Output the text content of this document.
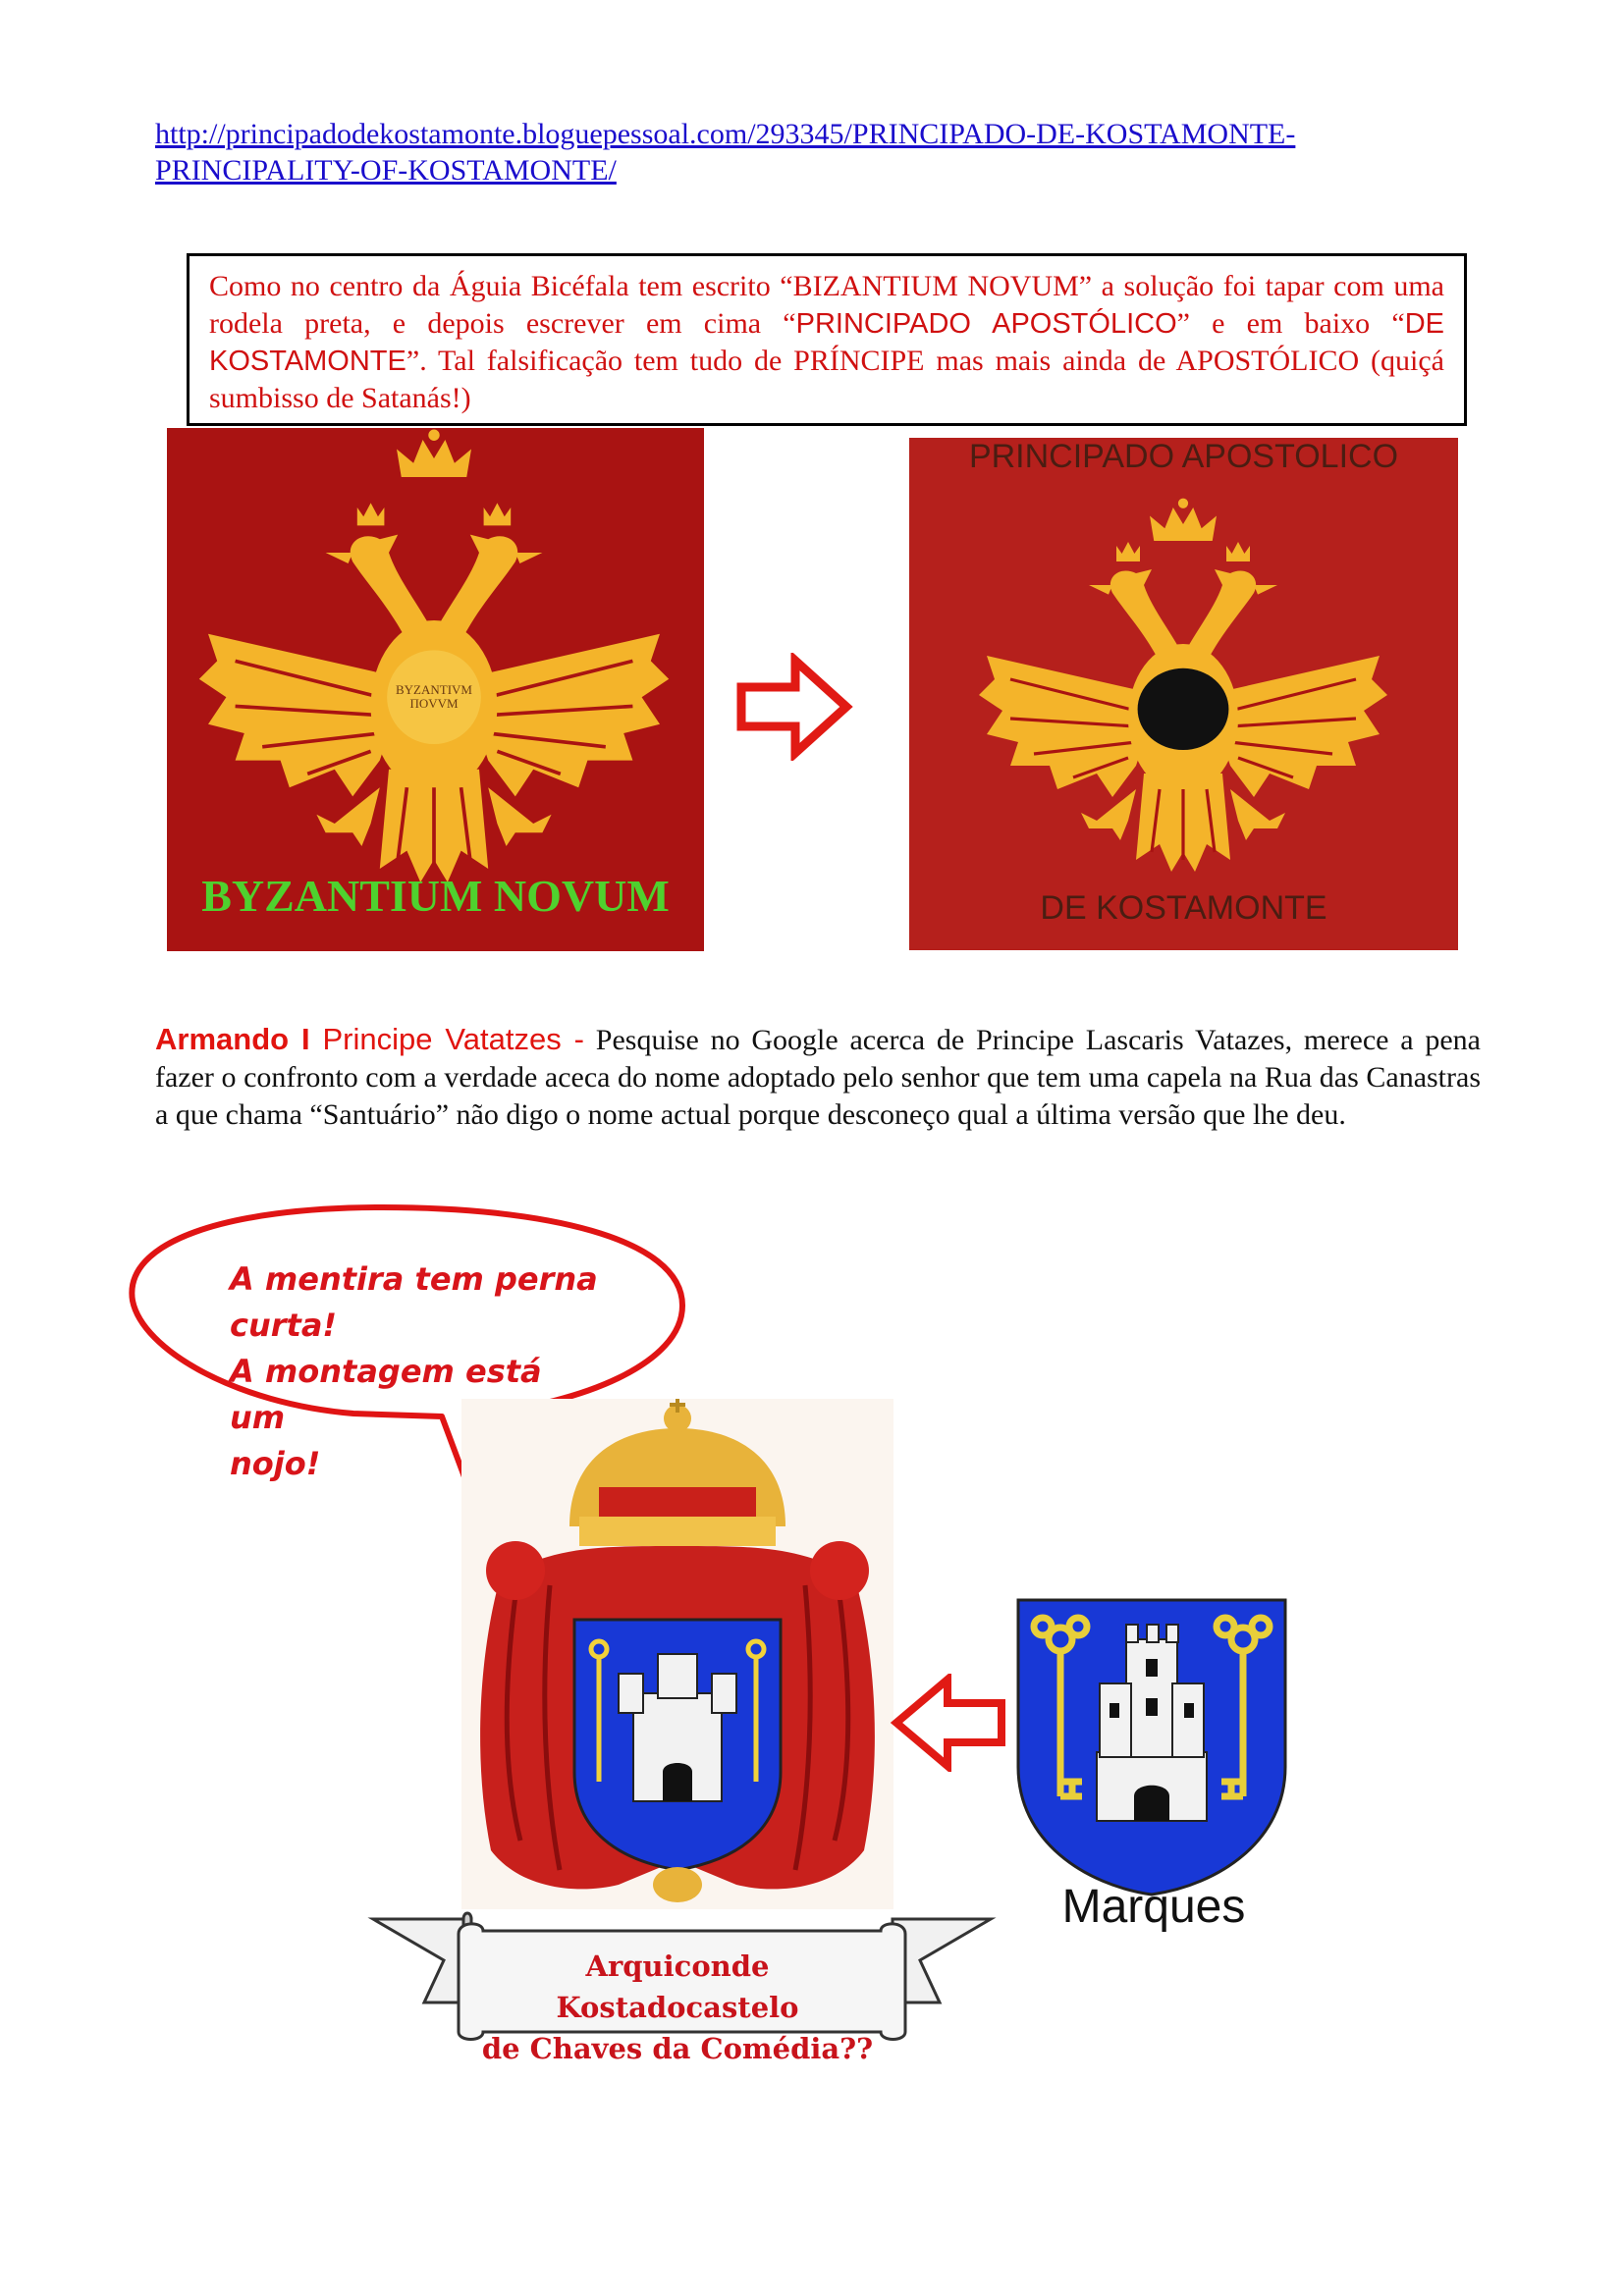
http://principadodekostamonte.bloguepessoal.com/293345/PRINCIPADO-DE-KOSTAMONTE-PRINCIPALITY-OF-KOSTAMONTE/
Como no centro da Águia Bicéfala tem escrito “BIZANTIUM NOVUM” a solução foi tapar com uma rodela preta, e depois escrever em cima “PRINCIPADO APOSTÓLICO” e em baixo “DE KOSTAMONTE”. Tal falsificação tem tudo de PRÍNCIPE mas mais ainda de APOSTÓLICO (quiçá sumbisso de Satanás!)
BYZANTIVM
ΠΟVVM
BYZANTIUM NOVUM
PRINCIPADO APOSTOLICO
DE KOSTAMONTE
Armando I Principe Vatatzes - Pesquise no Google acerca de Principe Lascaris Vatazes, merece a pena fazer o confronto com a verdade aceca do nome adoptado pelo senhor que tem uma capela na Rua das Canastras a que chama “Santuário” não digo o nome actual porque desconeço qual a última versão que lhe deu.
A mentira tem perna
curta!
A montagem está um
nojo!
Marques
Arquiconde Kostadocastelo
de Chaves da Comédia??
